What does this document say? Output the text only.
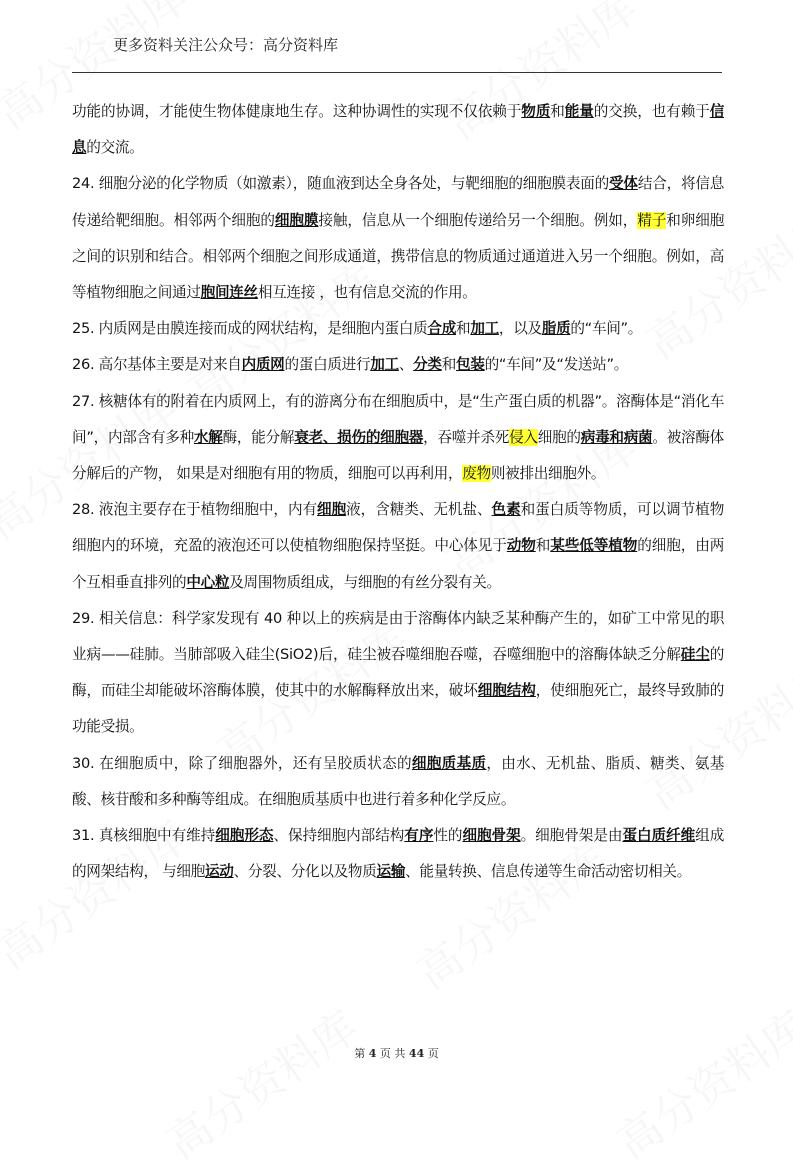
更多资料关注公众号：高分资料库

功能的协调，才能使生物体健康地生存。这种协调性的实现不仅依赖于物质和能量的交换，也有赖于信息的交流。

24. 细胞分泌的化学物质（如激素），随血液到达全身各处，与靶细胞的细胞膜表面的受体结合，将信息传递给靶细胞。相邻两个细胞的细胞膜接触，信息从一个细胞传递给另一个细胞。例如，精子和卵细胞之间的识别和结合。相邻两个细胞之间形成通道，携带信息的物质通过通道进入另一个细胞。例如，高等植物细胞之间通过胞间连丝相互连接 ，也有信息交流的作用。

25. 内质网是由膜连接而成的网状结构，是细胞内蛋白质合成和加工，以及脂质的“车间”。

26. 高尔基体主要是对来自内质网的蛋白质进行加工、分类和包装的“车间”及“发送站”。

27. 核糖体有的附着在内质网上，有的游离分布在细胞质中，是“生产蛋白质的机器”。溶酶体是“消化车间”，内部含有多种水解酶，能分解衰老、损伤的细胞器，吞噬并杀死侵入细胞的病毒和病菌。被溶酶体分解后的产物， 如果是对细胞有用的物质，细胞可以再利用，废物则被排出细胞外。

28. 液泡主要存在于植物细胞中，内有细胞液，含糖类、无机盐、色素和蛋白质等物质，可以调节植物细胞内的环境，充盈的液泡还可以使植物细胞保持坚挺。中心体见于动物和某些低等植物的细胞，由两个互相垂直排列的中心粒及周围物质组成，与细胞的有丝分裂有关。

29. 相关信息：科学家发现有 40 种以上的疾病是由于溶酶体内缺乏某种酶产生的，如矿工中常见的职业病——硅肺。当肺部吸入硅尘(SiO2)后，硅尘被吞噬细胞吞噬，吞噬细胞中的溶酶体缺乏分解硅尘的酶，而硅尘却能破坏溶酶体膜，使其中的水解酶释放出来，破坏细胞结构，使细胞死亡，最终导致肺的功能受损。

30. 在细胞质中，除了细胞器外，还有呈胶质状态的细胞质基质，由水、无机盐、脂质、糖类、氨基酸、核苷酸和多种酶等组成。在细胞质基质中也进行着多种化学反应。

31. 真核细胞中有维持细胞形态、保持细胞内部结构有序性的细胞骨架。细胞骨架是由蛋白质纤维组成的网架结构， 与细胞运动、分裂、分化以及物质运输、能量转换、信息传递等生命活动密切相关。

第 4 页 共 44 页
